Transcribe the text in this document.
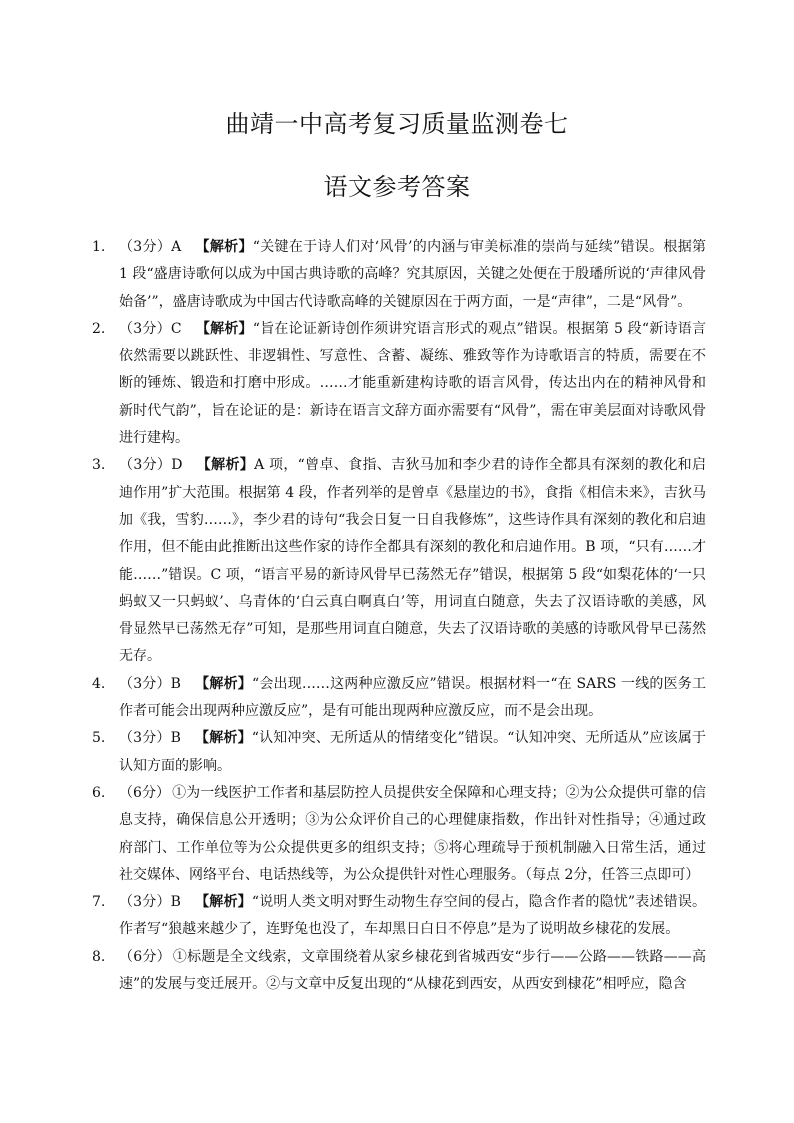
曲靖一中高考复习质量监测卷七
语文参考答案
1. （3分）A 【解析】“关键在于诗人们对‘风骨’的内涵与审美标准的崇尚与延续”错误。根据第 1 段“盛唐诗歌何以成为中国古典诗歌的高峰？究其原因，关键之处便在于殷璠所说的‘声律风骨始备’”，盛唐诗歌成为中国古代诗歌高峰的关键原因在于两方面，一是“声律”，二是“风骨”。
2. （3分）C 【解析】“旨在论证新诗创作须讲究语言形式的观点”错误。根据第 5 段“新诗语言依然需要以跳跃性、非逻辑性、写意性、含蓄、凝练、雅致等作为诗歌语言的特质，需要在不断的锤炼、锻造和打磨中形成。……才能重新建构诗歌的语言风骨，传达出内在的精神风骨和新时代气韵”，旨在论证的是：新诗在语言文辞方面亦需要有“风骨”，需在审美层面对诗歌风骨进行建构。
3. （3分）D 【解析】A 项，“曾卓、食指、吉狄马加和李少君的诗作全都具有深刻的教化和启迪作用”扩大范围。根据第 4 段，作者列举的是曾卓《悬崖边的书》，食指《相信未来》，吉狄马加《我，雪豹……》，李少君的诗句“我会日复一日自我修炼”，这些诗作具有深刻的教化和启迪作用，但不能由此推断出这些作家的诗作全都具有深刻的教化和启迪作用。B 项，“只有……才能……”错误。C 项，“语言平易的新诗风骨早已荡然无存”错误，根据第 5 段“如梨花体的‘一只蚂蚁又一只蚂蚁’、乌青体的‘白云真白啊真白’等，用词直白随意，失去了汉语诗歌的美感，风骨显然早已荡然无存”可知，是那些用词直白随意，失去了汉语诗歌的美感的诗歌风骨早已荡然无存。
4. （3分）B 【解析】“会出现……这两种应激反应”错误。根据材料一“在 SARS 一线的医务工作者可能会出现两种应激反应”，是有可能出现两种应激反应，而不是会出现。
5. （3分）B 【解析】“认知冲突、无所适从的情绪变化”错误。“认知冲突、无所适从”应该属于认知方面的影响。
6. （6分） ①为一线医护工作者和基层防控人员提供安全保障和心理支持；②为公众提供可靠的信息支持，确保信息公开透明；③为公众评价自己的心理健康指数，作出针对性指导；④通过政府部门、工作单位等为公众提供更多的组织支持；⑤将心理疏导于预机制融入日常生活，通过社交媒体、网络平台、电话热线等，为公众提供针对性心理服务。（每点 2分，任答三点即可）
7. （3分）B 【解析】“说明人类文明对野生动物生存空间的侵占，隐含作者的隐忧”表述错误。作者写“狼越来越少了，连野兔也没了，车却黑日白日不停息”是为了说明故乡棣花的发展。
8. （6分） ①标题是全文线索，文章围绕着从家乡棣花到省城西安“步行——公路——铁路——高速”的发展与变迁展开。②与文章中反复出现的“从棣花到西安，从西安到棣花”相呼应，隐含
